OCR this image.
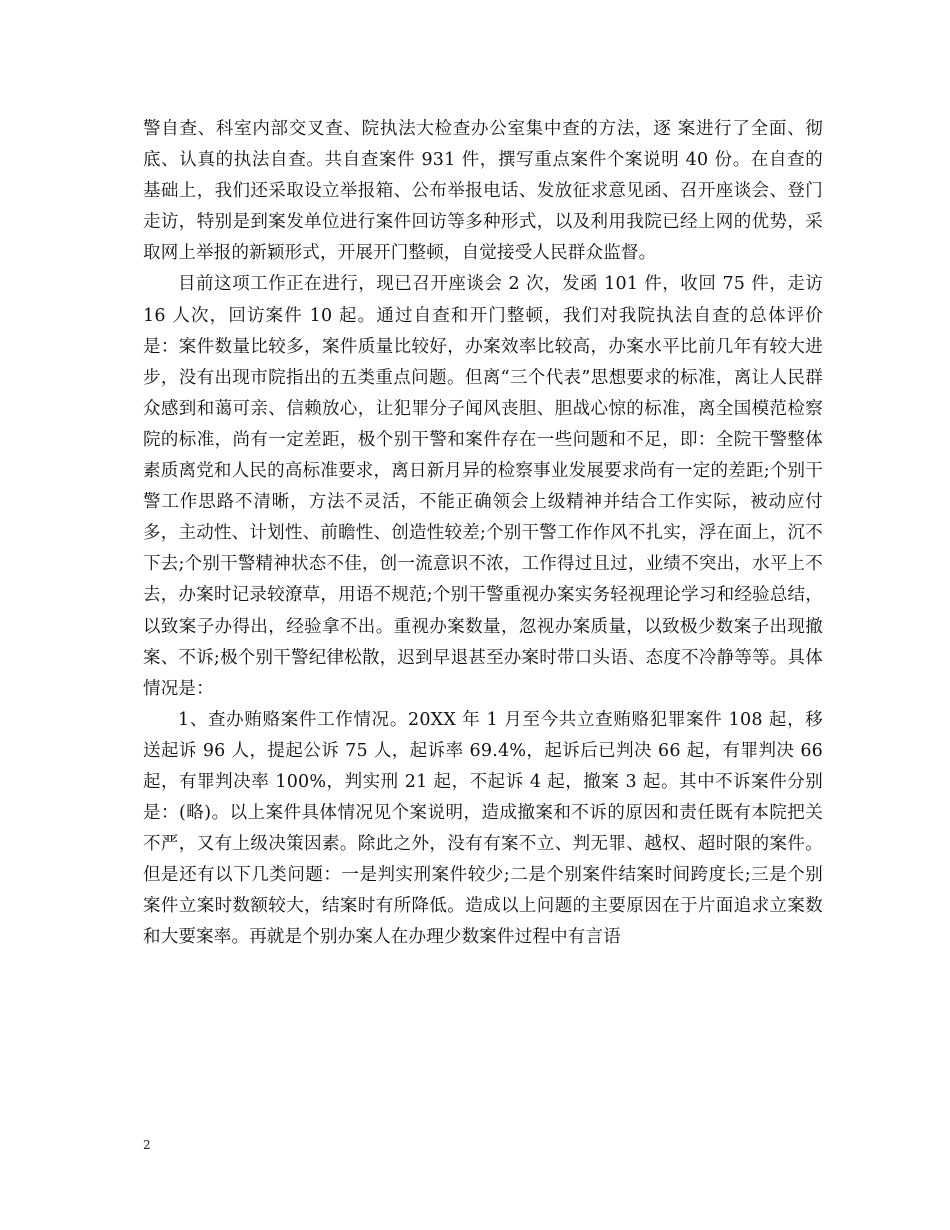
警自查、科室内部交叉查、院执法大检查办公室集中查的方法，逐 案进行了全面、彻底、认真的执法自查。共自查案件 931 件，撰写重点案件个案说明 40 份。在自查的基础上，我们还采取设立举报箱、公布举报电话、发放征求意见函、召开座谈会、登门走访，特别是到案发单位进行案件回访等多种形式，以及利用我院已经上网的优势，采取网上举报的新颖形式，开展开门整顿，自觉接受人民群众监督。

目前这项工作正在进行，现已召开座谈会 2 次，发函 101 件，收回 75 件，走访 16 人次，回访案件 10 起。通过自查和开门整顿，我们对我院执法自查的总体评价是：案件数量比较多，案件质量比较好，办案效率比较高，办案水平比前几年有较大进步，没有出现市院指出的五类重点问题。但离“三个代表”思想要求的标准，离让人民群众感到和蔼可亲、信赖放心，让犯罪分子闻风丧胆、胆战心惊的标准，离全国模范检察院的标准，尚有一定差距，极个别干警和案件存在一些问题和不足，即：全院干警整体素质离党和人民的高标准要求，离日新月异的检察事业发展要求尚有一定的差距;个别干警工作思路不清晰，方法不灵活，不能正确领会上级精神并结合工作实际，被动应付多，主动性、计划性、前瞻性、创造性较差;个别干警工作作风不扎实，浮在面上，沉不下去;个别干警精神状态不佳，创一流意识不浓，工作得过且过，业绩不突出，水平上不去，办案时记录较潦草，用语不规范;个别干警重视办案实务轻视理论学习和经验总结，以致案子办得出，经验拿不出。重视办案数量，忽视办案质量，以致极少数案子出现撤案、不诉;极个别干警纪律松散，迟到早退甚至办案时带口头语、态度不冷静等等。具体情况是：

1、查办贿赂案件工作情况。20XX 年 1 月至今共立查贿赂犯罪案件 108 起，移送起诉 96 人，提起公诉 75 人，起诉率 69.4%，起诉后已判决 66 起，有罪判决 66 起，有罪判决率 100%，判实刑 21 起，不起诉 4 起，撤案 3 起。其中不诉案件分别是：(略)。以上案件具体情况见个案说明，造成撤案和不诉的原因和责任既有本院把关不严，又有上级决策因素。除此之外，没有有案不立、判无罪、越权、超时限的案件。但是还有以下几类问题：一是判实刑案件较少;二是个别案件结案时间跨度长;三是个别案件立案时数额较大，结案时有所降低。造成以上问题的主要原因在于片面追求立案数和大要案率。再就是个别办案人在办理少数案件过程中有言语

2
